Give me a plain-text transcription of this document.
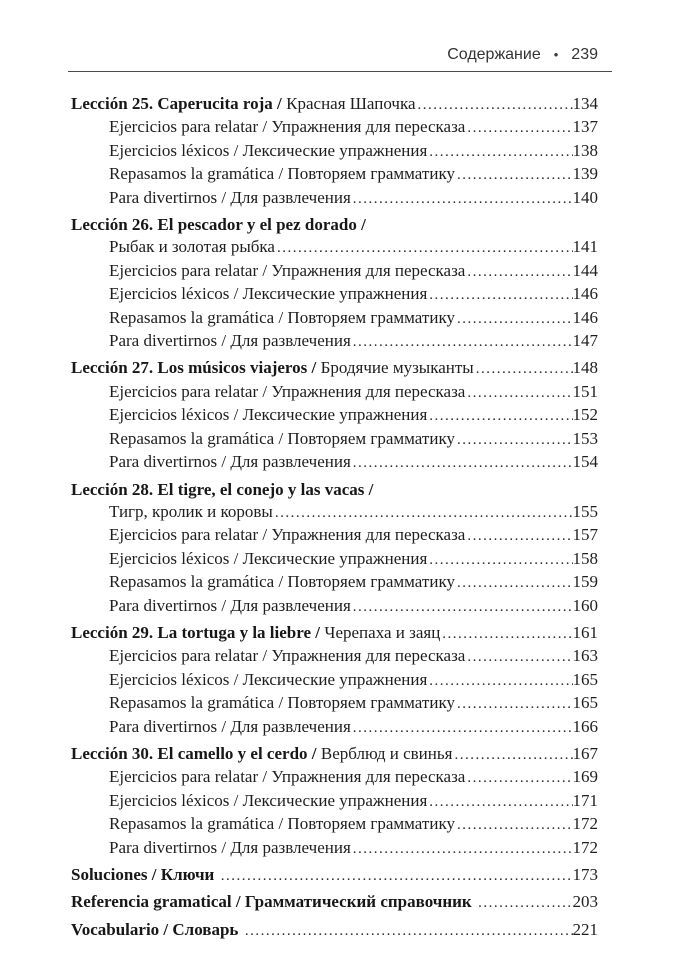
Содержание • 239
Lección 25. Caperucita roja / Красная Шапочка .....	134
Ejercicios para relatar / Упражнения для пересказа .....	137
Ejercicios léxicos / Лексические упражнения .....	138
Repasamos la gramática / Повторяем грамматику .....	139
Para divertirnos / Для развлечения .....	140
Lección 26. El pescador y el pez dorado /
Рыбак и золотая рыбка .....	141
Ejercicios para relatar / Упражнения для пересказа .....	144
Ejercicios léxicos / Лексические упражнения .....	146
Repasamos la gramática / Повторяем грамматику .....	146
Para divertirnos / Для развлечения .....	147
Lección 27. Los músicos viajeros / Бродячие музыканты .....	148
Ejercicios para relatar / Упражнения для пересказа .....	151
Ejercicios léxicos / Лексические упражнения .....	152
Repasamos la gramática / Повторяем грамматику .....	153
Para divertirnos / Для развлечения .....	154
Lección 28. El tigre, el conejo y las vacas /
Тигр, кролик и коровы .....	155
Ejercicios para relatar / Упражнения для пересказа .....	157
Ejercicios léxicos / Лексические упражнения .....	158
Repasamos la gramática / Повторяем грамматику .....	159
Para divertirnos / Для развлечения .....	160
Lección 29. La tortuga y la liebre / Черепаха и заяц .....	161
Ejercicios para relatar / Упражнения для пересказа .....	163
Ejercicios léxicos / Лексические упражнения .....	165
Repasamos la gramática / Повторяем грамматику .....	165
Para divertirnos / Для развлечения .....	166
Lección 30. El camello y el cerdo / Верблюд и свинья .....	167
Ejercicios para relatar / Упражнения для пересказа .....	169
Ejercicios léxicos / Лексические упражнения .....	171
Repasamos la gramática / Повторяем грамматику .....	172
Para divertirnos / Для развлечения .....	172
Soluciones / Ключи .....	173
Referencia gramatical / Грамматический справочник .....	203
Vocabulario / Словарь .....	221
